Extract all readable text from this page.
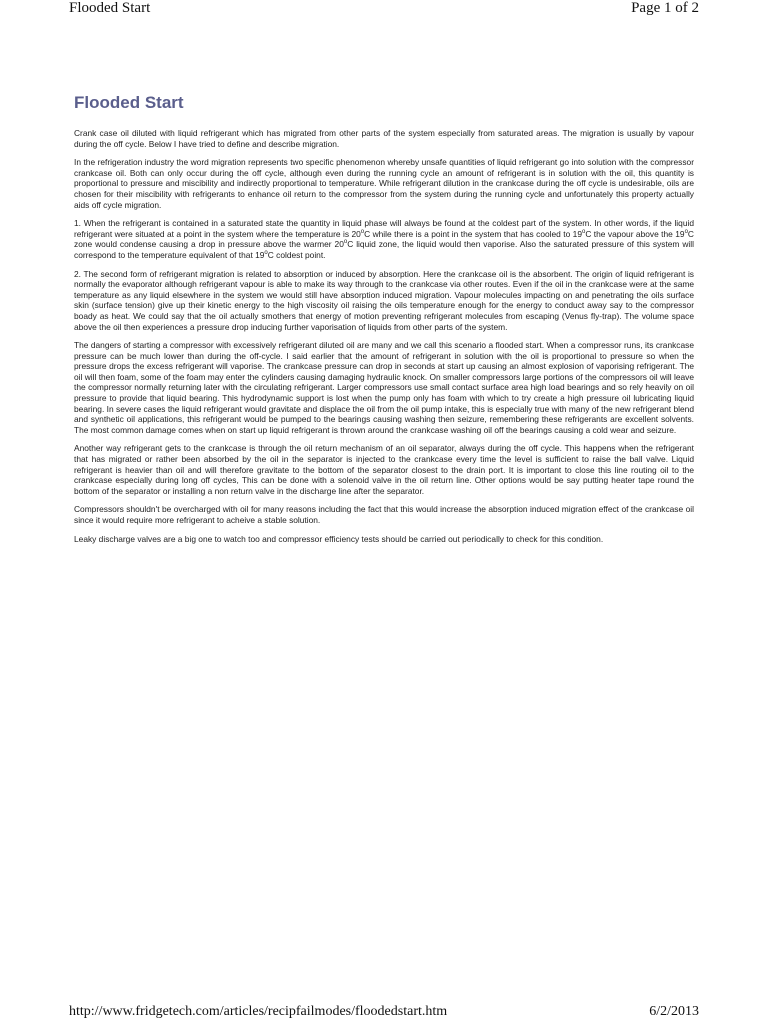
Flooded Start	Page 1 of 2
Flooded Start

Crank case oil diluted with liquid refrigerant which has migrated from other parts of the system especially from saturated areas. The migration is usually by vapour during the off cycle. Below I have tried to define and describe migration.

In the refrigeration industry the word migration represents two specific phenomenon whereby unsafe quantities of liquid refrigerant go into solution with the compressor crankcase oil. Both can only occur during the off cycle, although even during the running cycle an amount of refrigerant is in solution with the oil, this quantity is proportional to pressure and miscibility and indirectly proportional to temperature. While refrigerant dilution in the crankcase during the off cycle is undesirable, oils are chosen for their miscibility with refrigerants to enhance oil return to the compressor from the system during the running cycle and unfortunately this property actually aids off cycle migration.

1. When the refrigerant is contained in a saturated state the quantity in liquid phase will always be found at the coldest part of the system. In other words, if the liquid refrigerant were situated at a point in the system where the temperature is 20$^o$C while there is a point in the system that has cooled to 19$^o$C the vapour above the 19$^o$C zone would condense causing a drop in pressure above the warmer 20$^o$C liquid zone, the liquid would then vaporise. Also the saturated pressure of this system will correspond to the temperature equivalent of that 19$^o$C coldest point.

2. The second form of refrigerant migration is related to absorption or induced by absorption. Here the crankcase oil is the absorbent. The origin of liquid refrigerant is normally the evaporator although refrigerant vapour is able to make its way through to the crankcase via other routes. Even if the oil in the crankcase were at the same temperature as any liquid elsewhere in the system we would still have absorption induced migration. Vapour molecules impacting on and penetrating the oils surface skin (surface tension) give up their kinetic energy to the high viscosity oil raising the oils temperature enough for the energy to conduct away say to the compressor boady as heat. We could say that the oil actually smothers that energy of motion preventing refrigerant molecules from escaping (Venus fly-trap). The volume space above the oil then experiences a pressure drop inducing further vaporisation of liquids from other parts of the system.

The dangers of starting a compressor with excessively refrigerant diluted oil are many and we call this scenario a flooded start. When a compressor runs, its crankcase pressure can be much lower than during the off-cycle. I said earlier that the amount of refrigerant in solution with the oil is proportional to pressure so when the pressure drops the excess refrigerant will vaporise. The crankcase pressure can drop in seconds at start up causing an almost explosion of vaporising refrigerant. The oil will then foam, some of the foam may enter the cylinders causing damaging hydraulic knock. On smaller compressors large portions of the compressors oil will leave the compressor normally returning later with the circulating refrigerant. Larger compressors use small contact surface area high load bearings and so rely heavily on oil pressure to provide that liquid bearing. This hydrodynamic support is lost when the pump only has foam with which to try create a high pressure oil lubricating liquid bearing. In severe cases the liquid refrigerant would gravitate and displace the oil from the oil pump intake, this is especially true with many of the new refrigerant blend and synthetic oil applications, this refrigerant would be pumped to the bearings causing washing then seizure, remembering these refrigerants are excellent solvents. The most common damage comes when on start up liquid refrigerant is thrown around the crankcase washing oil off the bearings causing a cold wear and seizure.

Another way refrigerant gets to the crankcase is through the oil return mechanism of an oil separator, always during the off cycle. This happens when the refrigerant that has migrated or rather been absorbed by the oil in the separator is injected to the crankcase every time the level is sufficient to raise the ball valve. Liquid refrigerant is heavier than oil and will therefore gravitate to the bottom of the separator closest to the drain port. It is important to close this line routing oil to the crankcase especially during long off cycles, This can be done with a solenoid valve in the oil return line. Other options would be say putting heater tape round the bottom of the separator or installing a non return valve in the discharge line after the separator.

Compressors shouldn't be overcharged with oil for many reasons including the fact that this would increase the absorption induced migration effect of the crankcase oil since it would require more refrigerant to acheive a stable solution.

Leaky discharge valves are a big one to watch too and compressor efficiency tests should be carried out periodically to check for this condition.

http://www.fridgetech.com/articles/recipfailmodes/floodedstart.htm	6/2/2013
